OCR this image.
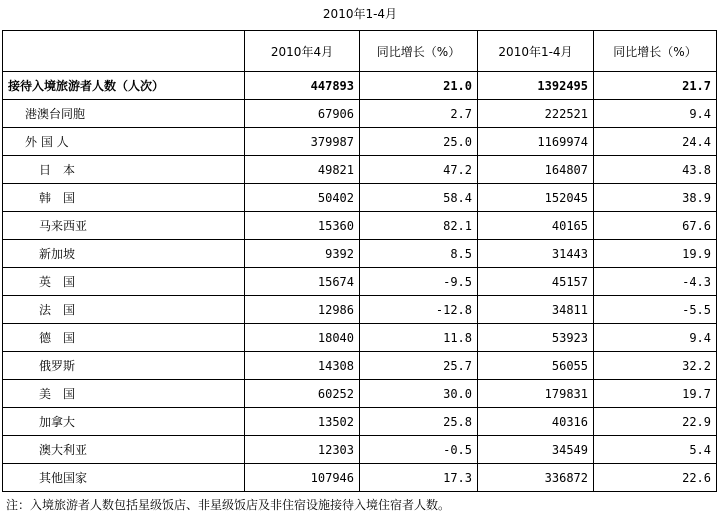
2010年1-4月
	2010年4月	同比增长（%）	2010年1-4月	同比增长（%）
接待入境旅游者人数（人次）	447893	21.0	1392495	21.7
港澳台同胞	67906	2.7	222521	9.4
外 国 人	379987	25.0	1169974	24.4
日　本	49821	47.2	164807	43.8
韩　国	50402	58.4	152045	38.9
马来西亚	15360	82.1	40165	67.6
新加坡	9392	8.5	31443	19.9
英　国	15674	-9.5	45157	-4.3
法　国	12986	-12.8	34811	-5.5
德　国	18040	11.8	53923	9.4
俄罗斯	14308	25.7	56055	32.2
美　国	60252	30.0	179831	19.7
加拿大	13502	25.8	40316	22.9
澳大利亚	12303	-0.5	34549	5.4
其他国家	107946	17.3	336872	22.6
注：入境旅游者人数包括星级饭店、非星级饭店及非住宿设施接待入境住宿者人数。
